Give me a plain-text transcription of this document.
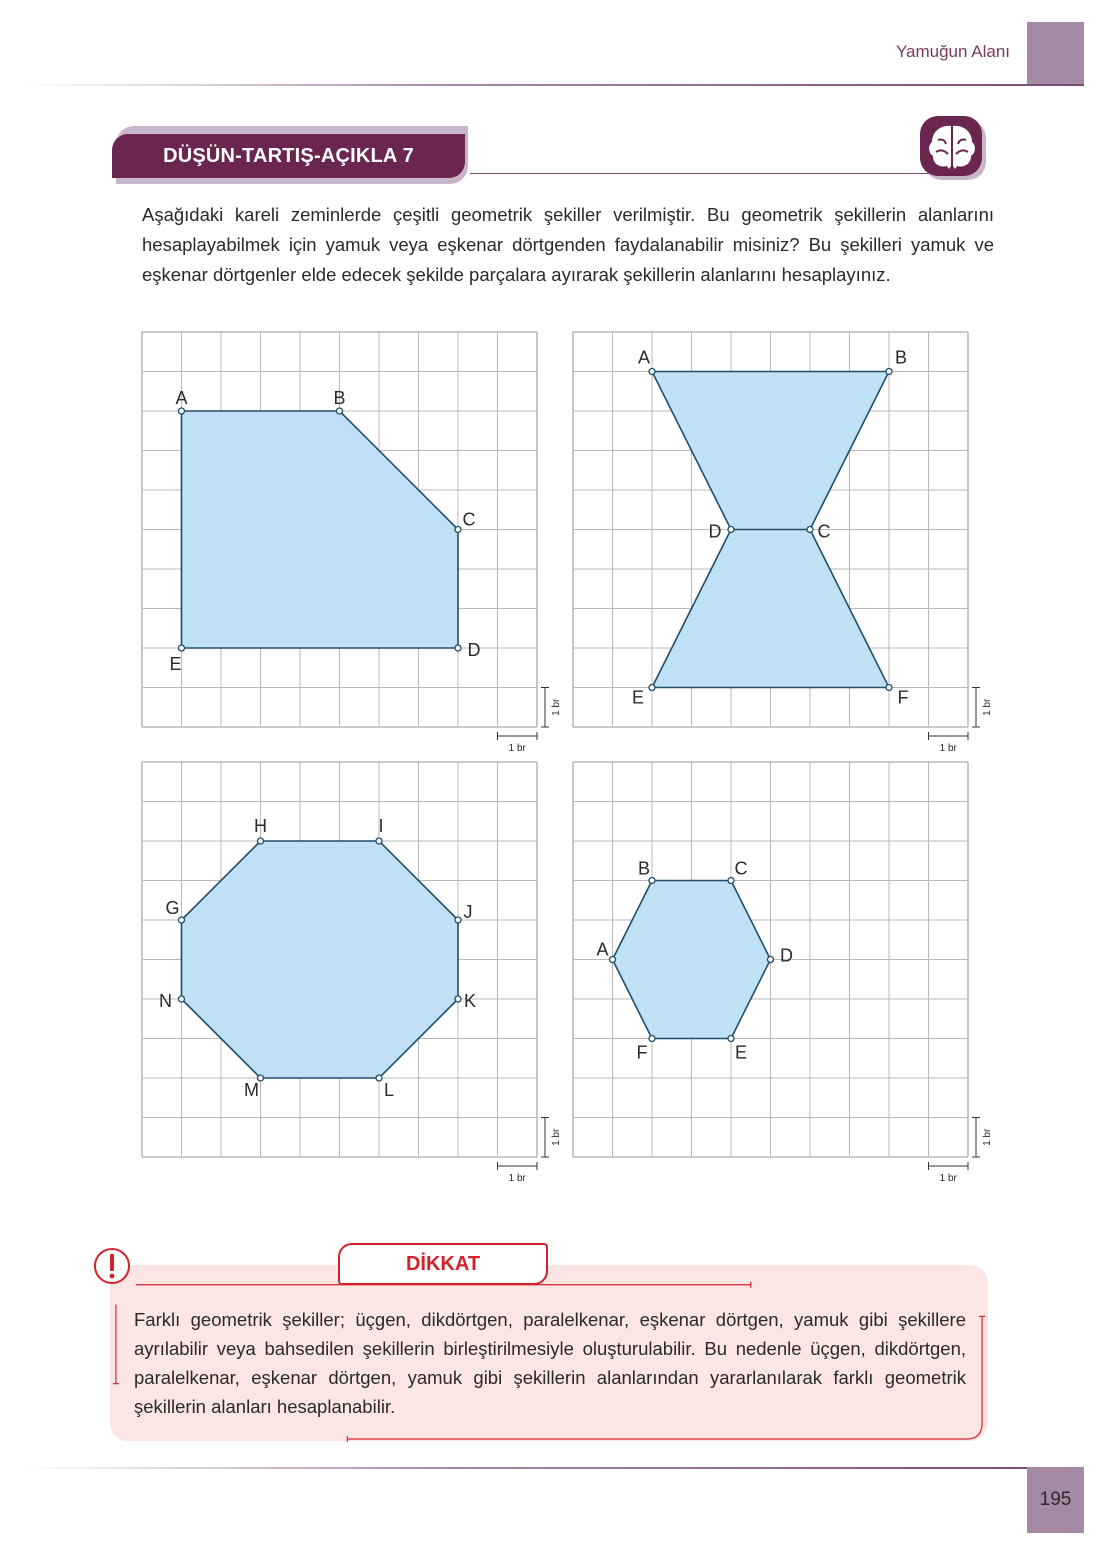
Yamuğun Alanı
DÜŞÜN-TARTIŞ-AÇIKLA 7
Aşağıdaki kareli zeminlerde çeşitli geometrik şekiller verilmiştir. Bu geometrik şekillerin alanlarını hesaplayabilmek için yamuk veya eşkenar dörtgenden faydalanabilir misiniz? Bu şekilleri yamuk ve eşkenar dörtgenler elde edecek şekilde parçalara ayırarak şekillerin alanlarını hesaplayınız.
A	B
C
D
E
1 br
1 br
A	B
C
F
E
D
1 br
1 br
H	I
J
K
L
M
N
G
1 br
1 br
A
B	C
D
E
F
1 br
1 br
DİKKAT
Farklı geometrik şekiller; üçgen, dikdörtgen, paralelkenar, eşkenar dörtgen, yamuk gibi şekillere ayrılabilir veya bahsedilen şekillerin birleştirilmesiyle oluşturulabilir. Bu nedenle üçgen, dikdörtgen, paralelkenar, eşkenar dörtgen, yamuk gibi şekillerin alanlarından yararlanılarak farklı geometrik şekillerin alanları hesaplanabilir.
195
